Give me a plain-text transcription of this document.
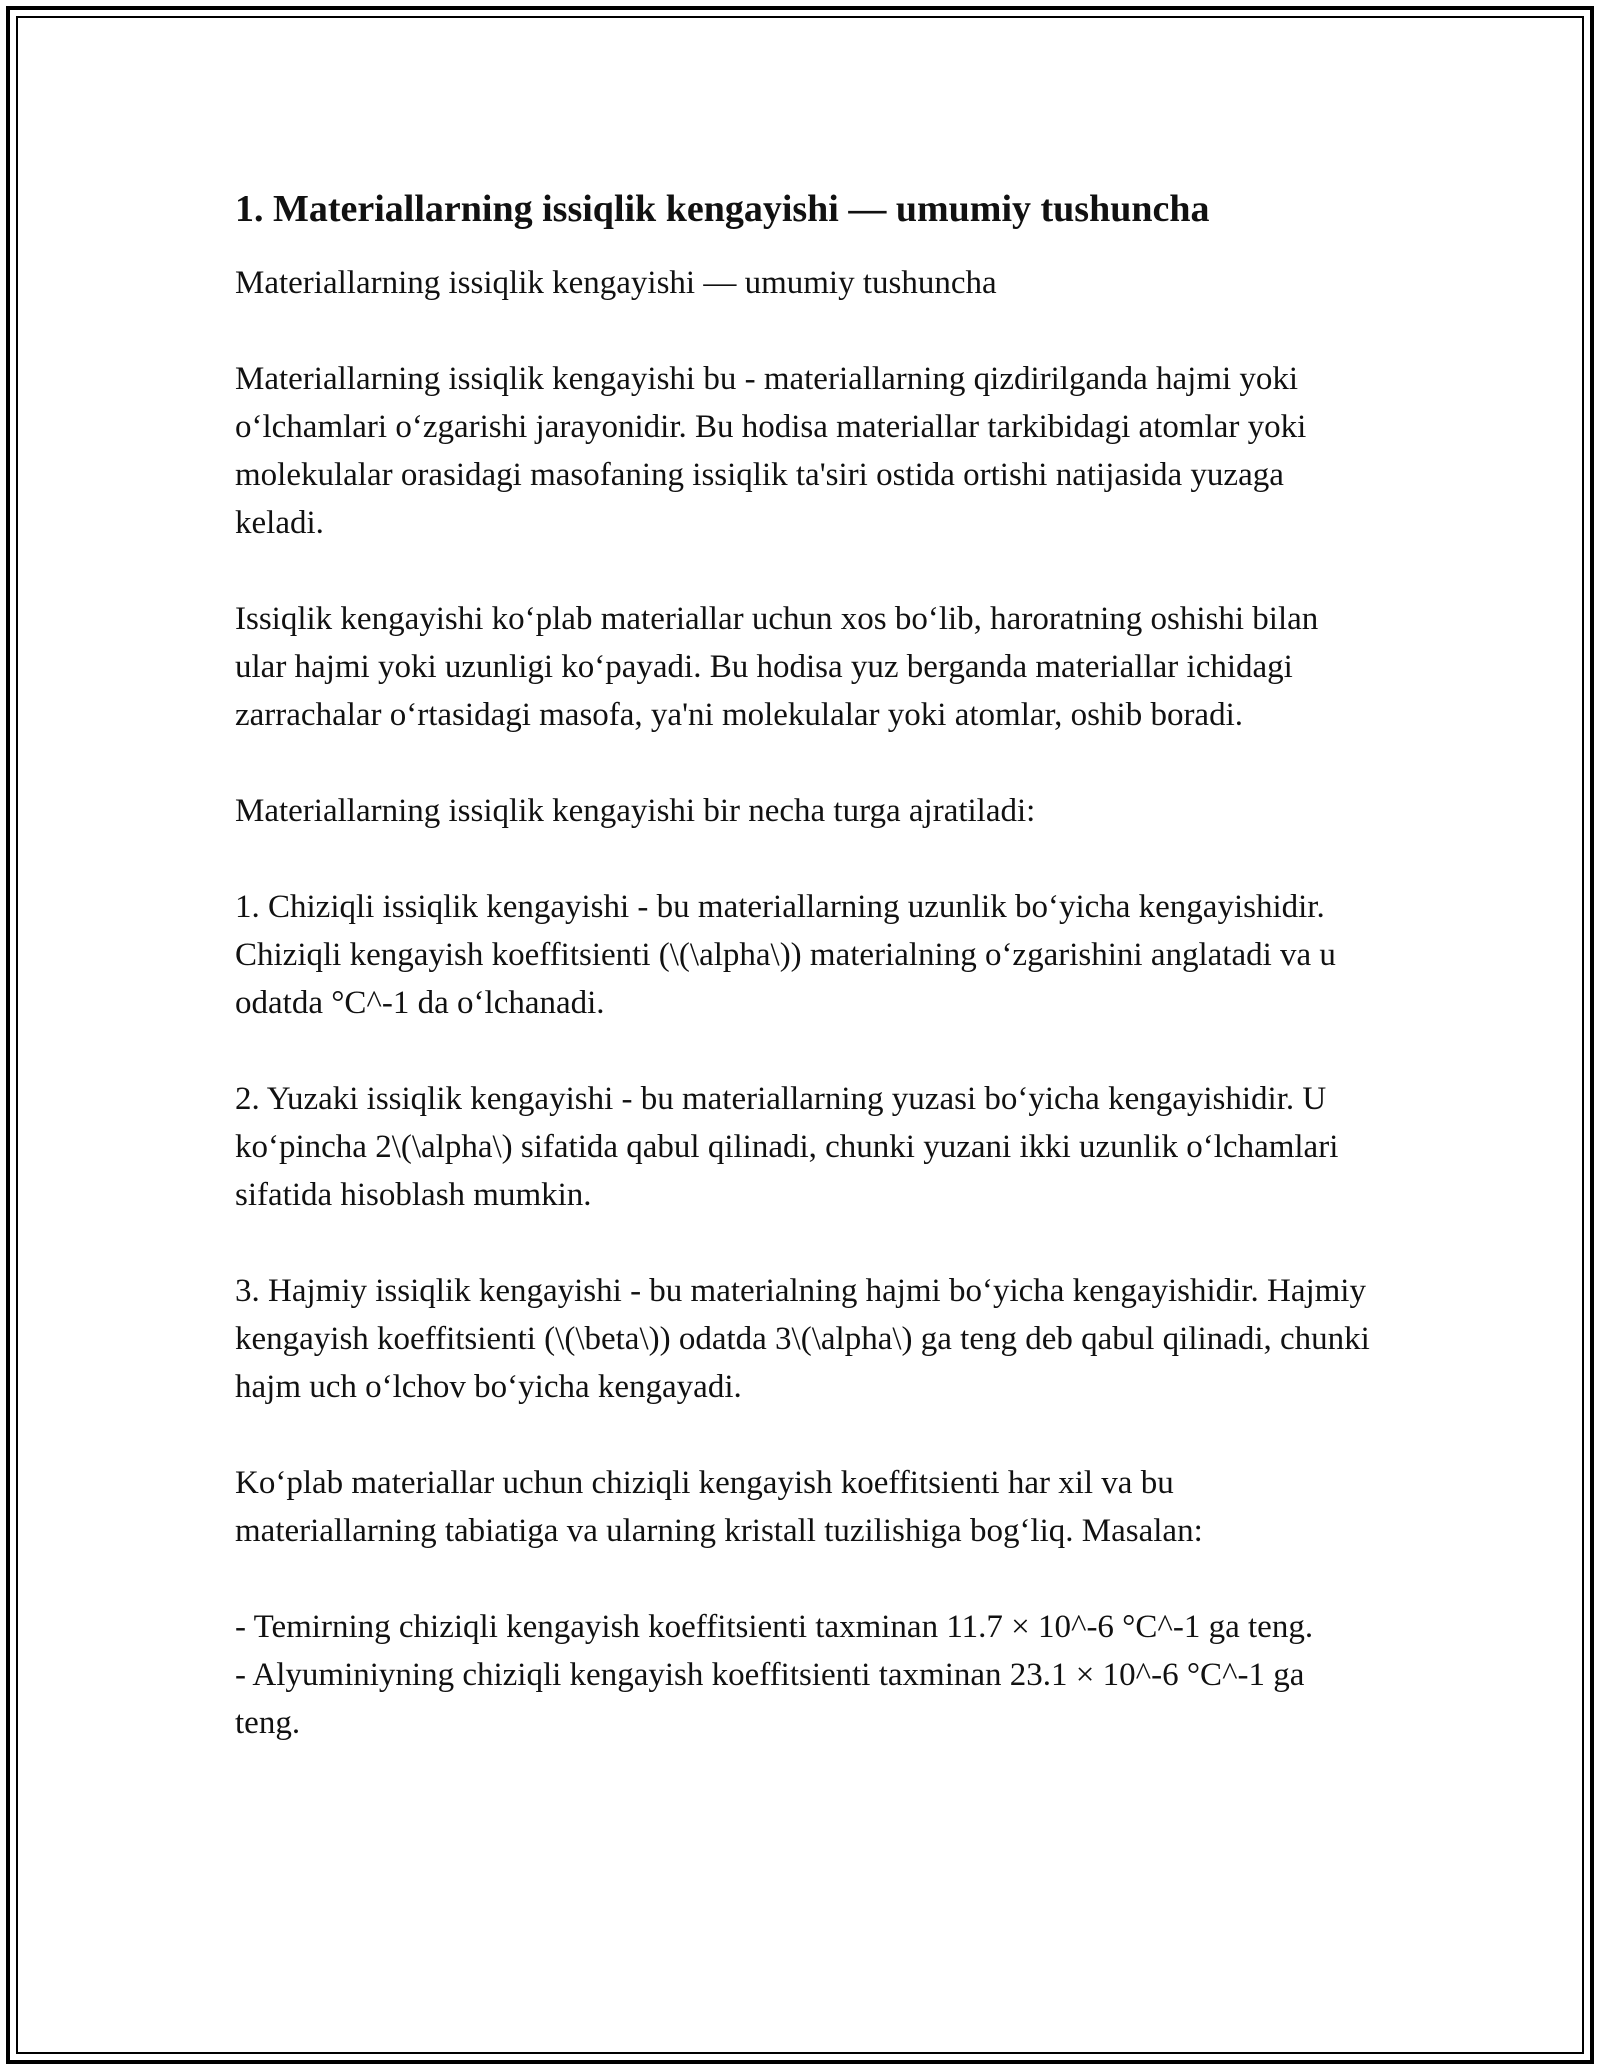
1. Materiallarning issiqlik kengayishi — umumiy tushuncha

Materiallarning issiqlik kengayishi — umumiy tushuncha

Materiallarning issiqlik kengayishi bu - materiallarning qizdirilganda hajmi yoki o‘lchamlari o‘zgarishi jarayonidir. Bu hodisa materiallar tarkibidagi atomlar yoki molekulalar orasidagi masofaning issiqlik ta'siri ostida ortishi natijasida yuzaga keladi.

Issiqlik kengayishi ko‘plab materiallar uchun xos bo‘lib, haroratning oshishi bilan ular hajmi yoki uzunligi ko‘payadi. Bu hodisa yuz berganda materiallar ichidagi zarrachalar o‘rtasidagi masofa, ya'ni molekulalar yoki atomlar, oshib boradi.

Materiallarning issiqlik kengayishi bir necha turga ajratiladi:

1. Chiziqli issiqlik kengayishi - bu materiallarning uzunlik bo‘yicha kengayishidir. Chiziqli kengayish koeffitsienti (\(\alpha\)) materialning o‘zgarishini anglatadi va u odatda °C^-1 da o‘lchanadi.

2. Yuzaki issiqlik kengayishi - bu materiallarning yuzasi bo‘yicha kengayishidir. U ko‘pincha 2\(\alpha\) sifatida qabul qilinadi, chunki yuzani ikki uzunlik o‘lchamlari sifatida hisoblash mumkin.

3. Hajmiy issiqlik kengayishi - bu materialning hajmi bo‘yicha kengayishidir. Hajmiy kengayish koeffitsienti (\(\beta\)) odatda 3\(\alpha\) ga teng deb qabul qilinadi, chunki hajm uch o‘lchov bo‘yicha kengayadi.

Ko‘plab materiallar uchun chiziqli kengayish koeffitsienti har xil va bu materiallarning tabiatiga va ularning kristall tuzilishiga bog‘liq. Masalan:

- Temirning chiziqli kengayish koeffitsienti taxminan 11.7 × 10^-6 °C^-1 ga teng.

- Alyuminiyning chiziqli kengayish koeffitsienti taxminan 23.1 × 10^-6 °C^-1 ga teng.
